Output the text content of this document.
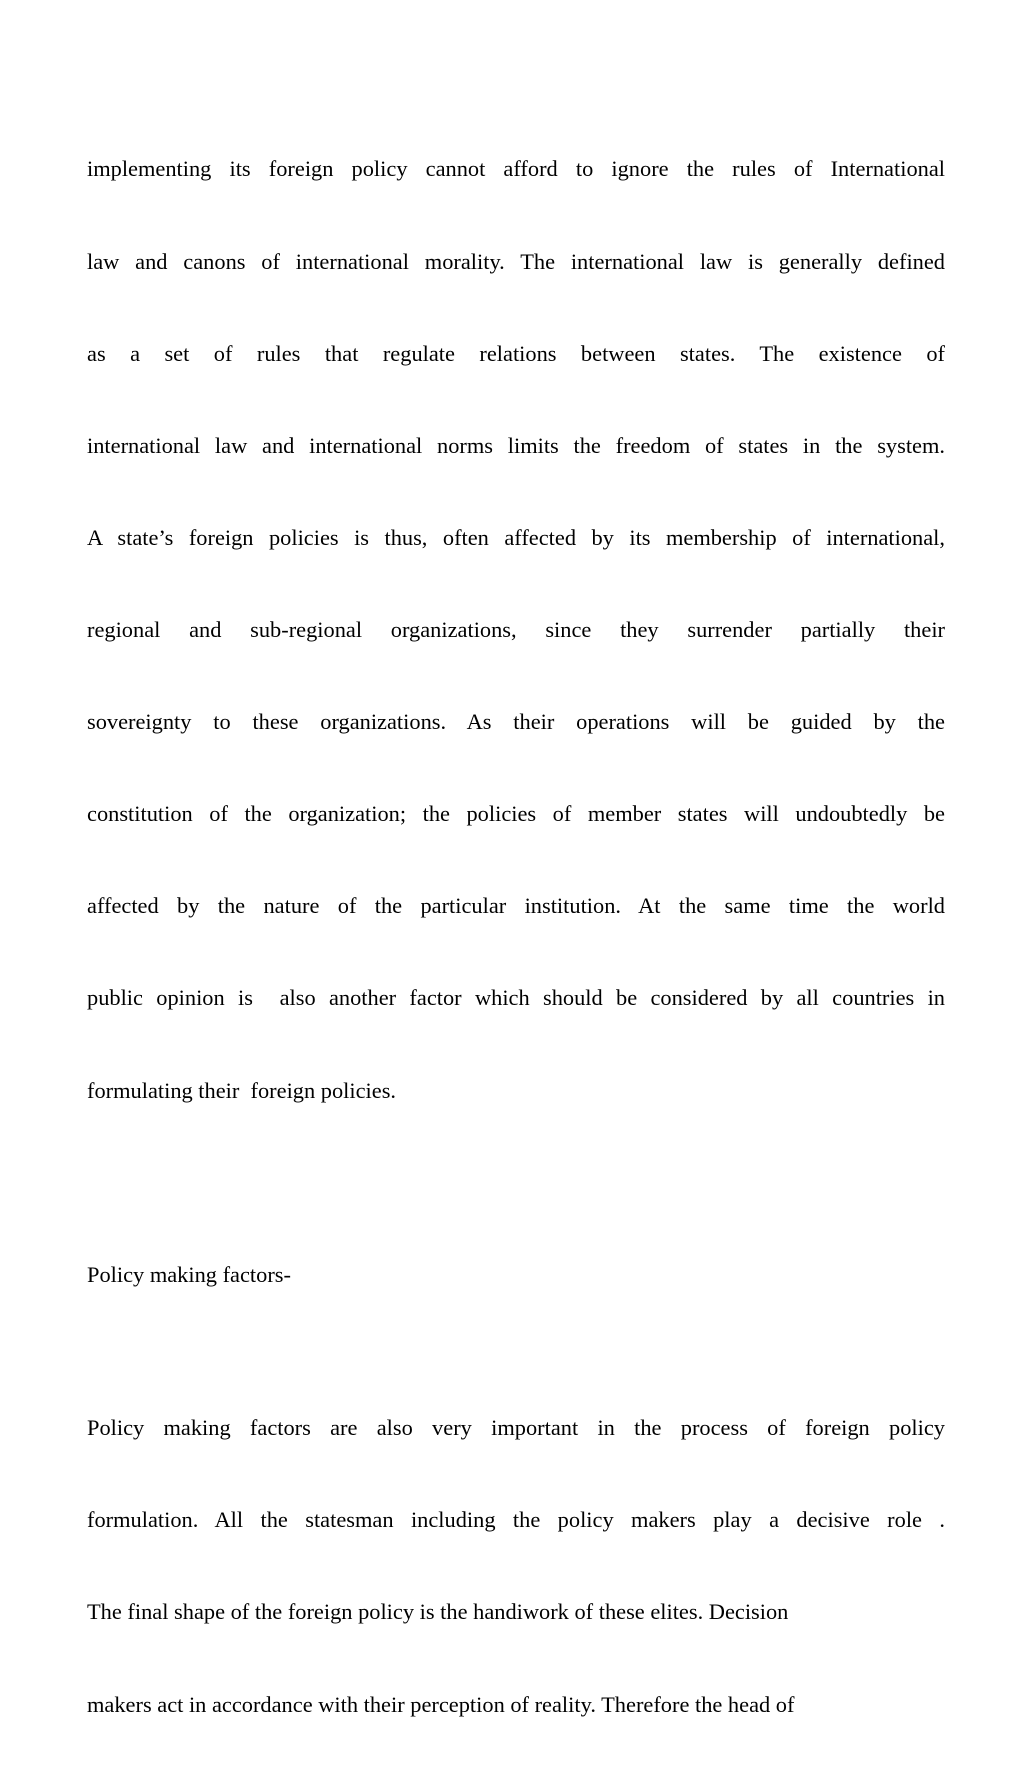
implementing its foreign policy cannot afford to ignore the rules of International

law and canons of international morality. The international law is generally defined

as a set of rules that regulate relations between states. The existence of

international law and international norms limits the freedom of states in the system.

A state’s foreign policies is thus, often affected by its membership of international,

regional and sub-regional organizations, since they surrender partially their

sovereignty to these organizations. As their operations will be guided by the

constitution of the organization; the policies of member states will undoubtedly be

affected by the nature of the particular institution. At the same time the world

public opinion is  also another factor which should be considered by all countries in

formulating their  foreign policies.

Policy making factors-

Policy making factors are also very important in the process of foreign policy

formulation. All the statesman including the policy makers play a decisive role .

The final shape of the foreign policy is the handiwork of these elites. Decision

makers act in accordance with their perception of reality. Therefore the head of
